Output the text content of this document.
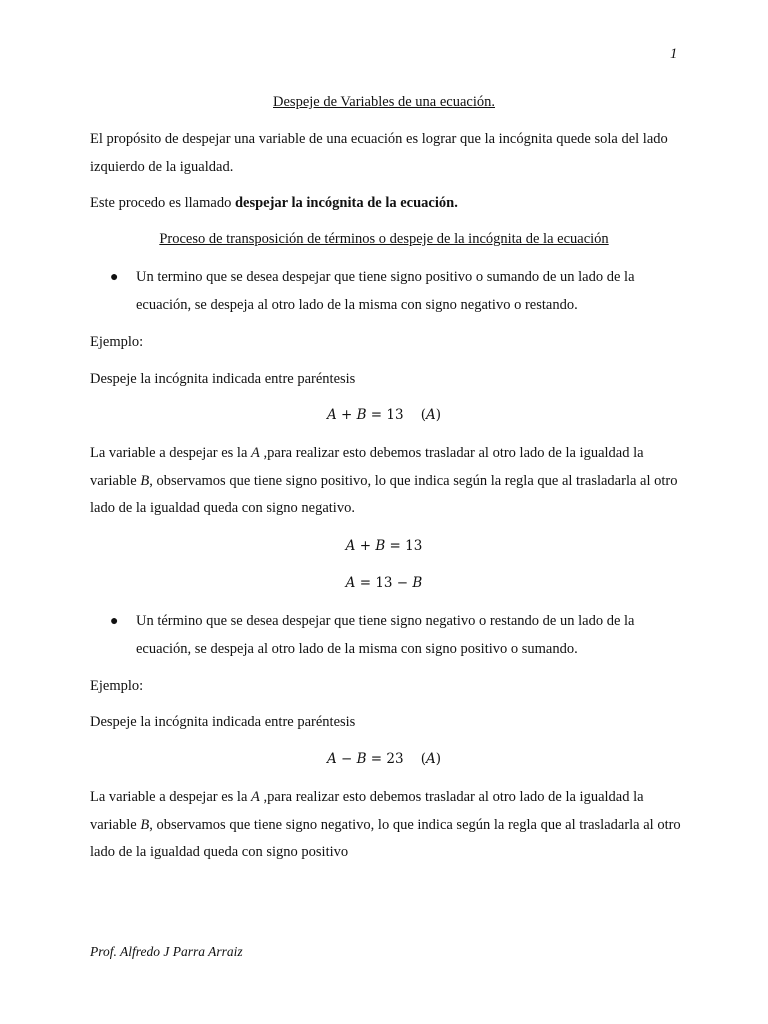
1
Despeje de Variables de una ecuación.

El propósito de despejar una variable de una ecuación es lograr que la incógnita quede sola del lado izquierdo de la igualdad.

Este procedo es llamado despejar la incógnita de la ecuación.

Proceso de transposición de términos o despeje de la incógnita de la ecuación
● Un termino que se desea despejar que tiene signo positivo o sumando de un lado de la ecuación, se despeja al otro lado de la misma con signo negativo o restando.

Ejemplo:

Despeje la incógnita indicada entre paréntesis

A + B = 13    (A)

La variable a despejar es la A ,para realizar esto debemos trasladar al otro lado de la igualdad la variable B, observamos que tiene signo positivo, lo que indica según la regla que al trasladarla al otro lado de la igualdad queda con signo negativo.

A + B = 13
A = 13 − B
● Un término que se desea despejar que tiene signo negativo o restando de un lado de la ecuación, se despeja al otro lado de la misma con signo positivo o sumando.

Ejemplo:

Despeje la incógnita indicada entre paréntesis

A − B = 23    (A)

La variable a despejar es la A ,para realizar esto debemos trasladar al otro lado de la igualdad la variable B, observamos que tiene signo negativo, lo que indica según la regla que al trasladarla al otro lado de la igualdad queda con signo positivo

Prof. Alfredo J Parra Arraiz
